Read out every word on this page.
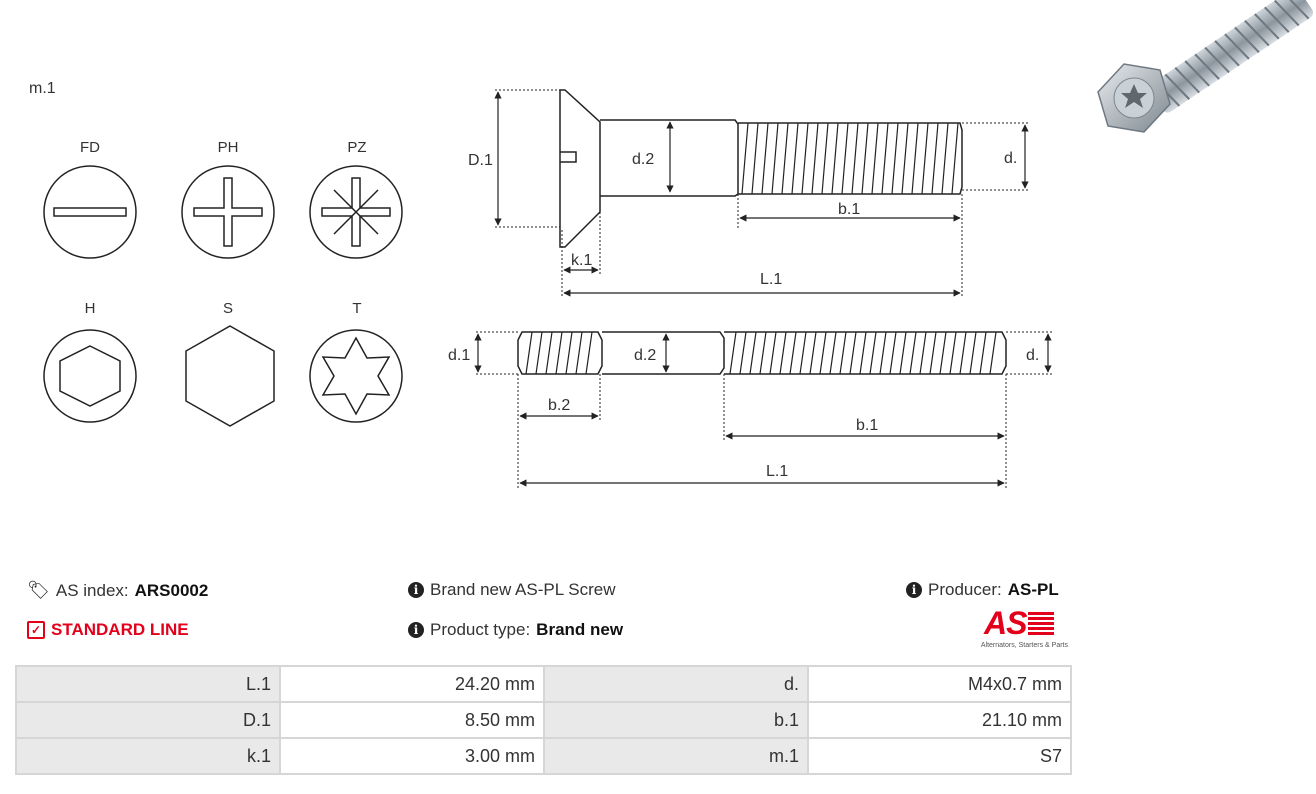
m.1
FD	PH	PZ
H	S	T
D.1	d.2	d.
b.1
k.1
L.1
d.1	d.2	d.
b.2
b.1
L.1
🏷 AS index: ARS0002
✓ STANDARD LINE
i Brand new AS-PL Screw
i Product type: Brand new
i Producer: AS-PL
AS
Alternators, Starters & Parts
L.1	24.20 mm	d.	M4x0.7 mm
D.1	8.50 mm	b.1	21.10 mm
k.1	3.00 mm	m.1	S7
